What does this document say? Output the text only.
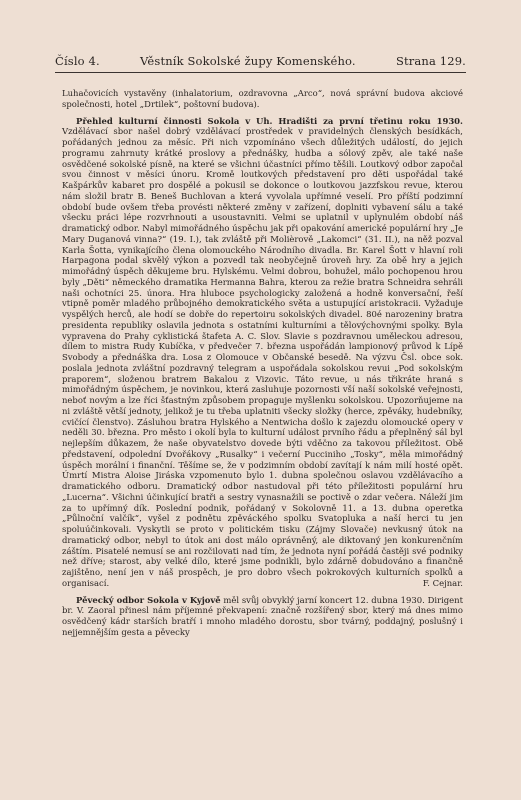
Číslo 4.	Věstník Sokolské župy Komenského.	Strana 129.

Luhačovicích vystavěny (inhalatorium, ozdravovna „Arco“, nová správní budova akciové společnosti, hotel „Drtilek“, poštovní budova).

Přehled kulturní činnosti Sokola v Uh. Hradišti za první třetinu roku 1930. Vzdělávací sbor našel dobrý vzdělávací prostředek v pravidelných členských besídkách, pořádaných jednou za měsíc. Při nich vzpomínáno všech důležitých událostí, do jejich programu zahrnuty krátké proslovy a přednášky, hudba a sólový zpěv, ale také naše osvědčené sokolské písně, na které se všichni účastníci přímo těšili. Loutkový odbor započal svou činnost v měsíci únoru. Kromě loutkových představení pro děti uspořádal také Kašpárkův kabaret pro dospělé a pokusil se dokonce o loutkovou jazzfskou revue, kterou nám složil bratr B. Beneš Buchlovan a která vyvolala upřímné veselí. Pro příští podzimní období bude ovšem třeba provésti některé změny v zařízení, doplniti vybavení sálu a také všecku práci lépe rozvrhnouti a usoustavniti. Velmi se uplatnil v uplynulém období náš dramatický odbor. Nabyl mimořádného úspěchu jak při opakování americké populární hry „Je Mary Duganová vinna?“ (19. I.), tak zvláště při Molièrově „Lakomci“ (31. II.), na něž pozval Karla Šotta, vynikajícího člena olomouckého Národního divadla. Br. Karel Šott v hlavní roli Harpagona podal skvělý výkon a pozvedl tak neobyčejně úroveň hry. Za obě hry a jejich mimořádný úspěch děkujeme bru. Hylskému. Velmi dobrou, bohužel, málo pochopenou hrou byly „Děti“ německého dramatika Hermanna Bahra, kterou za režie bratra Schneidra sehráli naši ochotníci 25. února. Hra hluboce psychologicky založená a hodně konversační, řeší vtipně poměr mladého průbojného demokratického světa a ustupující aristokracii. Vyžaduje vyspělých herců, ale hodí se dobře do repertoiru sokolských divadel. 80é narozeniny bratra presidenta republiky oslavila jednota s ostatními kulturními a tělovýchovnými spolky. Byla vypravena do Prahy cyklistická štafeta A. C. Slov. Slavie s pozdravnou uměleckou adresou, dílem to mistra Rudy Kubíčka, v předvečer 7. března uspořádán lampionový průvod k Lípě Svobody a přednáška dra. Losa z Olomouce v Občanské besedě. Na výzvu Čsl. obce sok. poslala jednota zvláštní pozdravný telegram a uspořádala sokolskou revui „Pod sokolským praporem“, složenou bratrem Bakalou z Vizovic. Táto revue, u nás třikráte hraná s mimořádným úspěchem, je novinkou, která zasluhuje pozornosti vší naší sokolské veřejnosti, neboť novým a lze říci šťastným způsobem propaguje myšlenku sokolskou. Upozorňujeme na ni zvláště větší jednoty, jelikož je tu třeba uplatniti všecky složky (herce, zpěváky, hudebníky, cvičící členstvo). Zásluhou bratra Hylského a Nentwicha došlo k zajezdu olomoucké opery v neděli 30. března. Pro město i okolí byla to kulturní událost prvního řádu a přeplněný sál byl nejlepším důkazem, že naše obyvatelstvo dovede býti vděčno za takovou příležitost. Obě představení, odpolední Dvořákovy „Rusalky“ i večerní Pucciniho „Tosky“, měla mimořádný úspěch morální i finanční. Těšíme se, že v podzimním období zavítají k nám milí hosté opět. Úmrtí Mistra Aloise Jiráska vzpomenuto bylo 1. dubna společnou oslavou vzdělávacího a dramatického odboru. Dramatický odbor nastudoval při této příležitosti populární hru „Lucerna“. Všichni účinkující bratři a sestry vynasnažili se poctivě o zdar večera. Náleží jim za to upřímný dík. Poslední podnik, pořádaný v Sokolovně 11. a 13. dubna operetka „Půlnoční valčík“, vyšel z podnětu zpěváckého spolku Svatopluka a naší herci tu jen spoluúčinkovali. Vyskytli se proto v politickém tisku (Zájmy Slovače) nevkusný útok na dramatický odbor, nebyl to útok ani dost málo oprávněný, ale diktovaný jen konkurenčním záštím. Pisatelé nemusí se ani rozčilovati nad tím, že jednota nyní pořádá častěji své podniky než dříve; starost, aby velké dílo, které jsme podnikli, bylo zdárně dobudováno a finančně zajištěno, není jen v náš prospěch, je pro dobro všech pokrokových kulturních spolků a organisací.	F. Cejnar.

Pěvecký odbor Sokola v Kyjově měl svůj obvyklý jarní koncert 12. dubna 1930. Dirigent br. V. Zaoral přinesl nám příjemné překvapení: značně rozšířený sbor, který má dnes mimo osvědčený kádr starších bratří i mnoho mladého dorostu, sbor tvárný, poddajný, posluŝný i nejjemnějším gesta a pěvecky
